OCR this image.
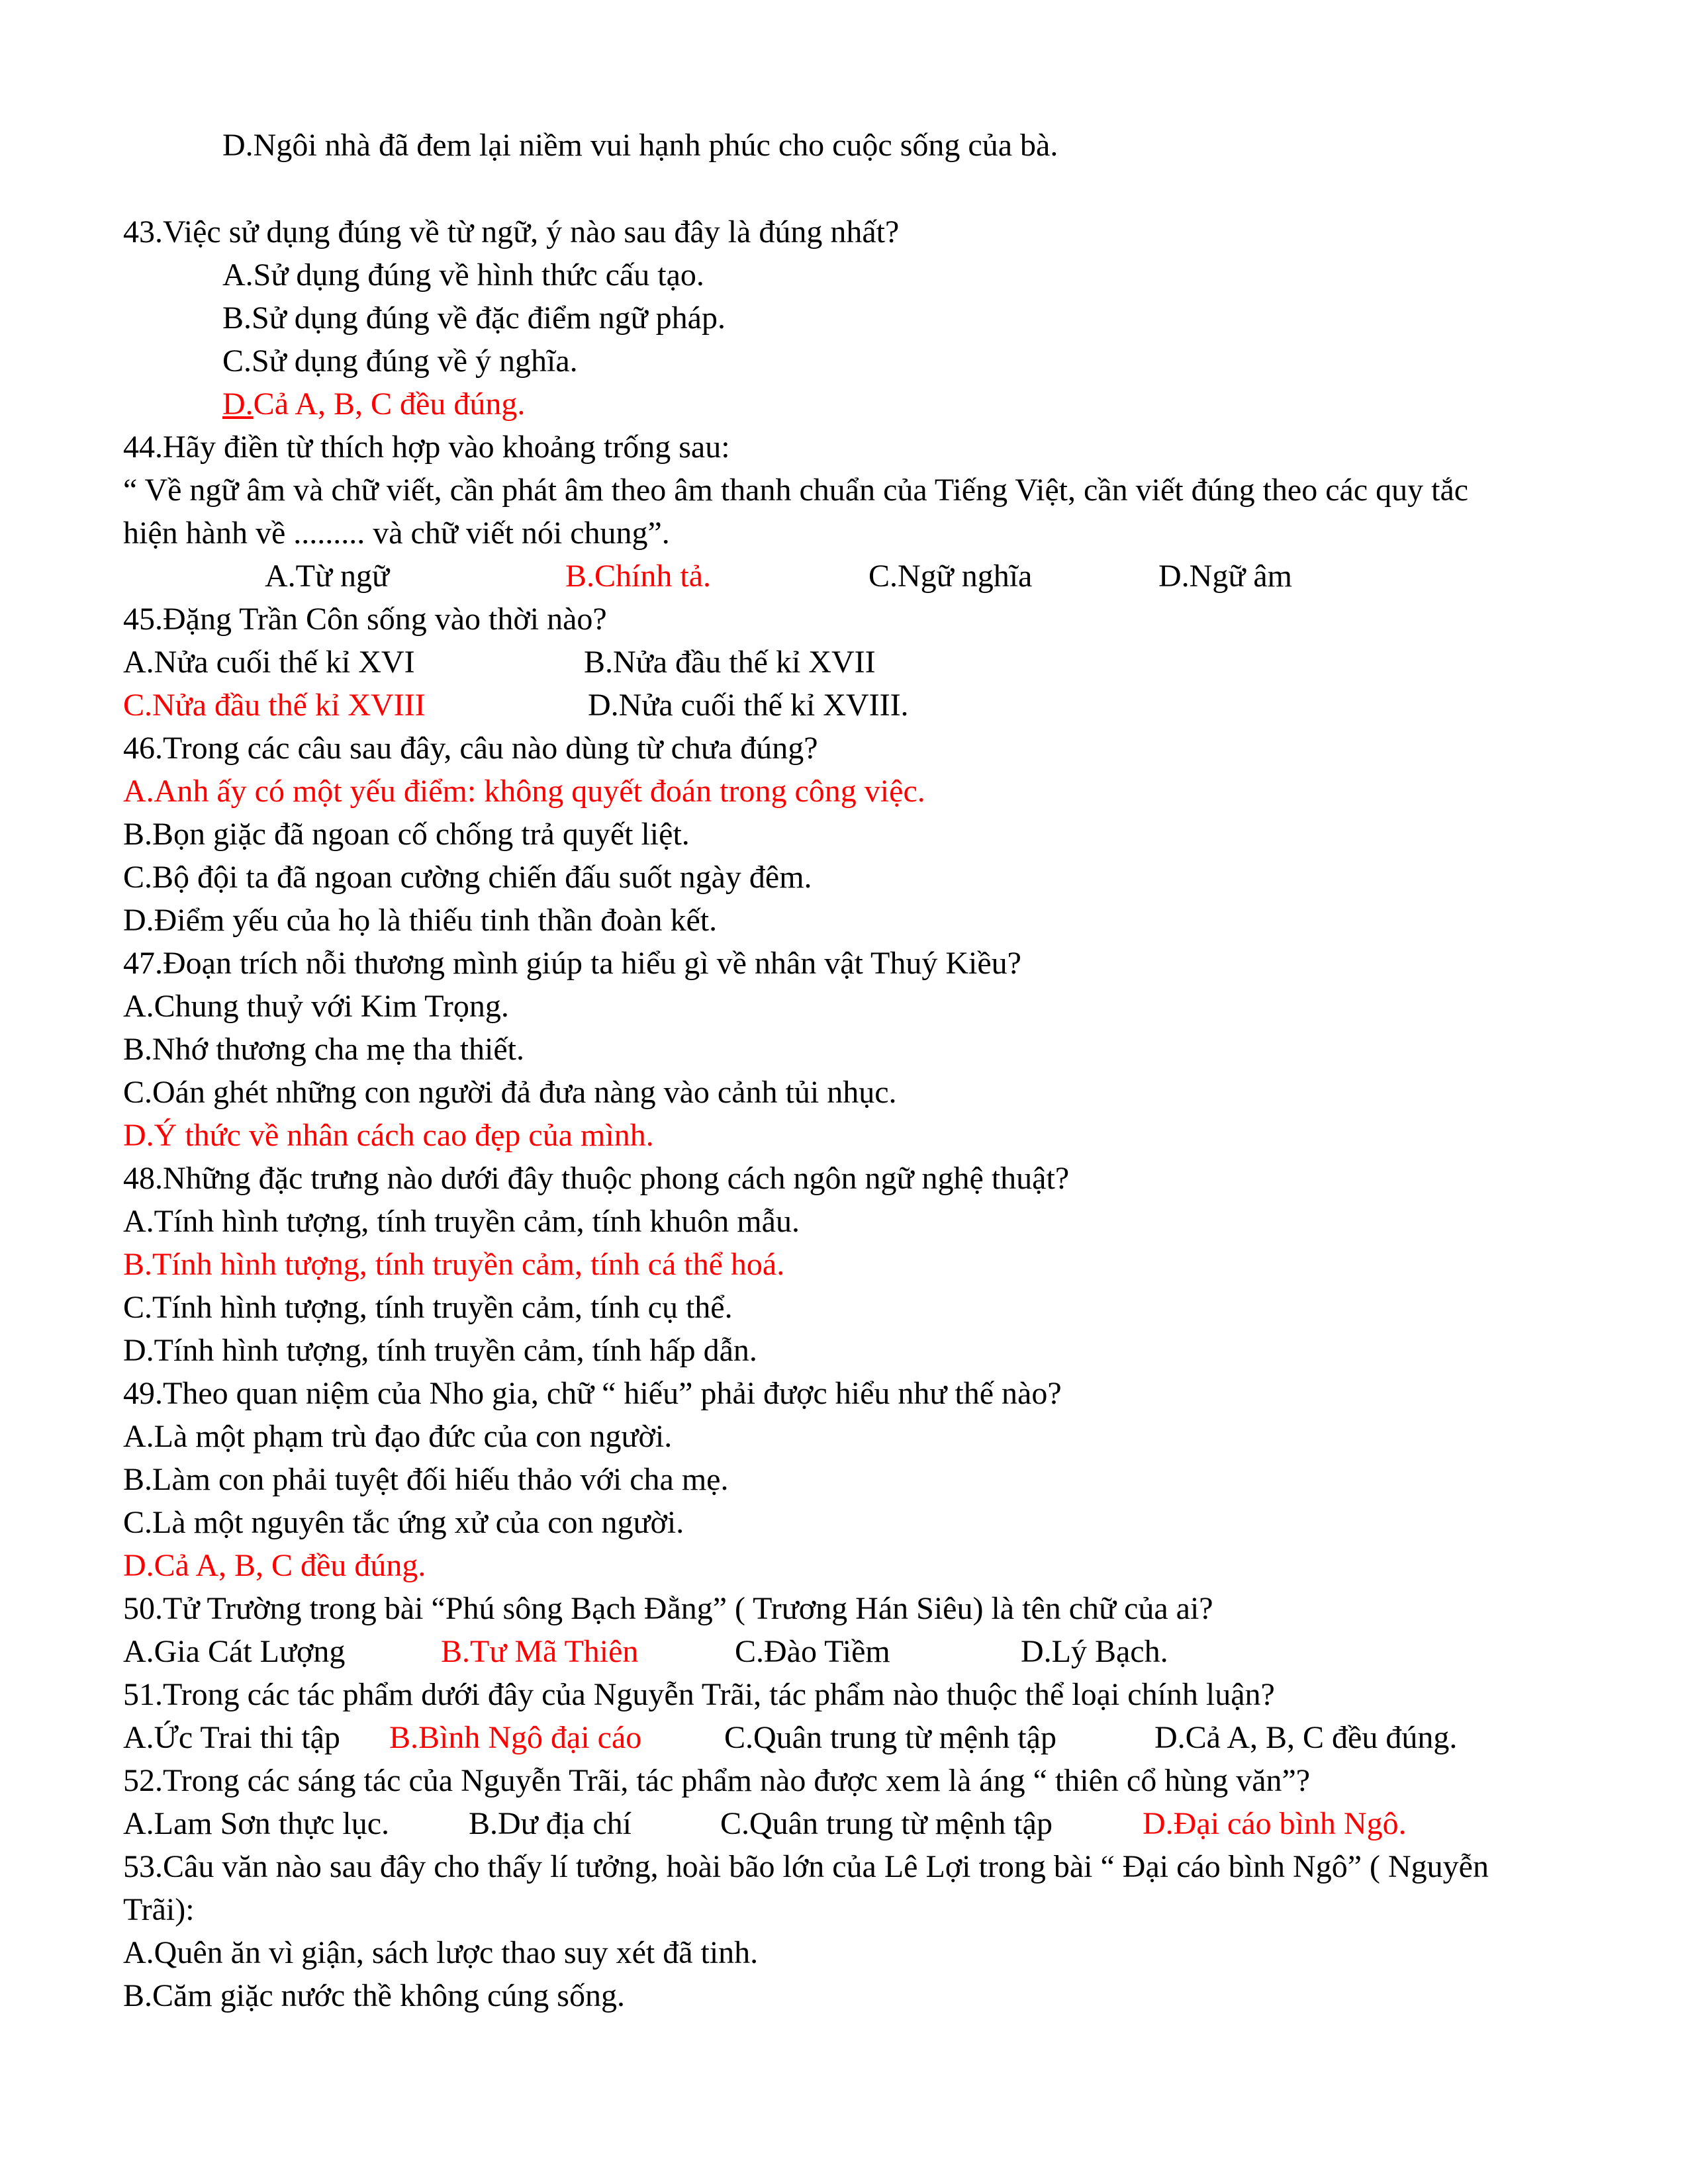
D.Ngôi nhà đã đem lại niềm vui hạnh phúc cho cuộc sống của bà.
43.Việc sử dụng đúng về từ ngữ, ý nào sau đây là đúng nhất?
A.Sử dụng đúng về hình thức cấu tạo.
B.Sử dụng đúng về đặc điểm ngữ pháp.
C.Sử dụng đúng về ý nghĩa.
D.Cả A, B, C đều đúng.
44.Hãy điền từ thích hợp vào khoảng trống sau:
“ Về ngữ âm và chữ viết, cần phát âm theo âm thanh chuẩn của Tiếng Việt, cần viết đúng theo các quy tắc
hiện hành về ......... và chữ viết nói chung”.
A.Từ ngữ	B.Chính tả.	C.Ngữ nghĩa	D.Ngữ âm
45.Đặng Trần Côn sống vào thời nào?
A.Nửa cuối thế kỉ XVI	B.Nửa đầu thế kỉ XVII
C.Nửa đầu thế kỉ XVIII	D.Nửa cuối thế kỉ XVIII.
46.Trong các câu sau đây, câu nào dùng từ chưa đúng?
A.Anh ấy có một yếu điểm: không quyết đoán trong công việc.
B.Bọn giặc đã ngoan cố chống trả quyết liệt.
C.Bộ đội ta đã ngoan cường chiến đấu suốt ngày đêm.
D.Điểm yếu của họ là thiếu tinh thần đoàn kết.
47.Đoạn trích nỗi thương mình giúp ta hiểu gì về nhân vật Thuý Kiều?
A.Chung thuỷ với Kim Trọng.
B.Nhớ thương cha mẹ tha thiết.
C.Oán ghét những con người đả đưa nàng vào cảnh tủi nhục.
D.Ý thức về nhân cách cao đẹp của mình.
48.Những đặc trưng nào dưới đây thuộc phong cách ngôn ngữ nghệ thuật?
A.Tính hình tượng, tính truyền cảm, tính khuôn mẫu.
B.Tính hình tượng, tính truyền cảm, tính cá thể hoá.
C.Tính hình tượng, tính truyền cảm, tính cụ thể.
D.Tính hình tượng, tính truyền cảm, tính hấp dẫn.
49.Theo quan niệm của Nho gia, chữ “ hiếu” phải được hiểu như thế nào?
A.Là một phạm trù đạo đức của con người.
B.Làm con phải tuyệt đối hiếu thảo với cha mẹ.
C.Là một nguyên tắc ứng xử của con người.
D.Cả A, B, C đều đúng.
50.Tử Trường trong bài “Phú sông Bạch Đằng” ( Trương Hán Siêu) là tên chữ của ai?
A.Gia Cát Lượng	B.Tư Mã Thiên	C.Đào Tiềm	D.Lý Bạch.
51.Trong các tác phẩm dưới đây của Nguyễn Trãi, tác phẩm nào thuộc thể loại chính luận?
A.Ức Trai thi tập B.Bình Ngô đại cáo	C.Quân trung từ mệnh tập	D.Cả A, B, C đều đúng.
52.Trong các sáng tác của Nguyễn Trãi, tác phẩm nào được xem là áng “ thiên cổ hùng văn”?
A.Lam Sơn thực lục.	B.Dư địa chí	C.Quân trung từ mệnh tập	D.Đại cáo bình Ngô.
53.Câu văn nào sau đây cho thấy lí tưởng, hoài bão lớn của Lê Lợi trong bài “ Đại cáo bình Ngô” ( Nguyễn
Trãi):
A.Quên ăn vì giận, sách lược thao suy xét đã tinh.
B.Căm giặc nước thề không cúng sống.
